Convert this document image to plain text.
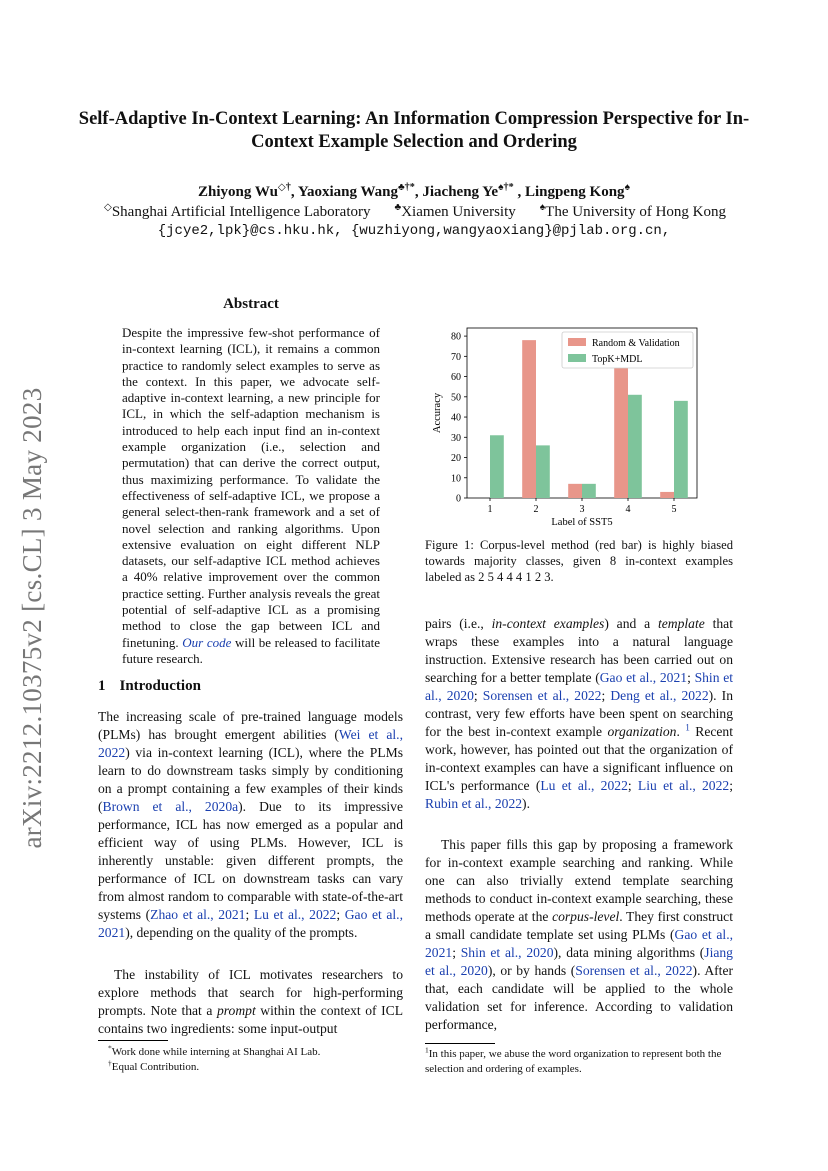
Self-Adaptive In-Context Learning: An Information Compression Perspective for In-Context Example Selection and Ordering
Zhiyong Wu◇†, Yaoxiang Wang♣†*, Jiacheng Ye♠†* , Lingpeng Kong♠
◇Shanghai Artificial Intelligence Laboratory ♣Xiamen University ♠The University of Hong Kong
{jcye2,lpk}@cs.hku.hk, {wuzhiyong,wangyaoxiang}@pjlab.org.cn,
arXiv:2212.10375v2 [cs.CL] 3 May 2023
Abstract
Despite the impressive few-shot performance of in-context learning (ICL), it remains a common practice to randomly select examples to serve as the context. In this paper, we advocate self-adaptive in-context learning, a new principle for ICL, in which the self-adaption mechanism is introduced to help each input find an in-context example organization (i.e., selection and permutation) that can derive the correct output, thus maximizing performance. To validate the effectiveness of self-adaptive ICL, we propose a general select-then-rank framework and a set of novel selection and ranking algorithms. Upon extensive evaluation on eight different NLP datasets, our self-adaptive ICL method achieves a 40% relative improvement over the common practice setting. Further analysis reveals the great potential of self-adaptive ICL as a promising method to close the gap between ICL and finetuning. Our code will be released to facilitate future research.
1 Introduction
The increasing scale of pre-trained language models (PLMs) has brought emergent abilities (Wei et al., 2022) via in-context learning (ICL), where the PLMs learn to do downstream tasks simply by conditioning on a prompt containing a few examples of their kinds (Brown et al., 2020a). Due to its impressive performance, ICL has now emerged as a popular and efficient way of using PLMs. However, ICL is inherently unstable: given different prompts, the performance of ICL on downstream tasks can vary from almost random to comparable with state-of-the-art systems (Zhao et al., 2021; Lu et al., 2022; Gao et al., 2021), depending on the quality of the prompts.
The instability of ICL motivates researchers to explore methods that search for high-performing prompts. Note that a prompt within the context of ICL contains two ingredients: some input-output
*Work done while interning at Shanghai AI Lab.
†Equal Contribution.
0
10
20
30
40
50
60
70
80
1	2	3	4	5
Label of SST5
Accuracy
Random & Validation
TopK+MDL
Figure 1: Corpus-level method (red bar) is highly biased towards majority classes, given 8 in-context examples labeled as 2 5 4 4 4 1 2 3.
pairs (i.e., in-context examples) and a template that wraps these examples into a natural language instruction. Extensive research has been carried out on searching for a better template (Gao et al., 2021; Shin et al., 2020; Sorensen et al., 2022; Deng et al., 2022). In contrast, very few efforts have been spent on searching for the best in-context example organization. $^1$ Recent work, however, has pointed out that the organization of in-context examples can have a significant influence on ICL's performance (Lu et al., 2022; Liu et al., 2022; Rubin et al., 2022).
This paper fills this gap by proposing a framework for in-context example searching and ranking. While one can also trivially extend template searching methods to conduct in-context example searching, these methods operate at the corpus-level. They first construct a small candidate template set using PLMs (Gao et al., 2021; Shin et al., 2020), data mining algorithms (Jiang et al., 2020), or by hands (Sorensen et al., 2022). After that, each candidate will be applied to the whole validation set for inference. According to validation performance,
$^1$In this paper, we abuse the word organization to represent both the selection and ordering of examples.
